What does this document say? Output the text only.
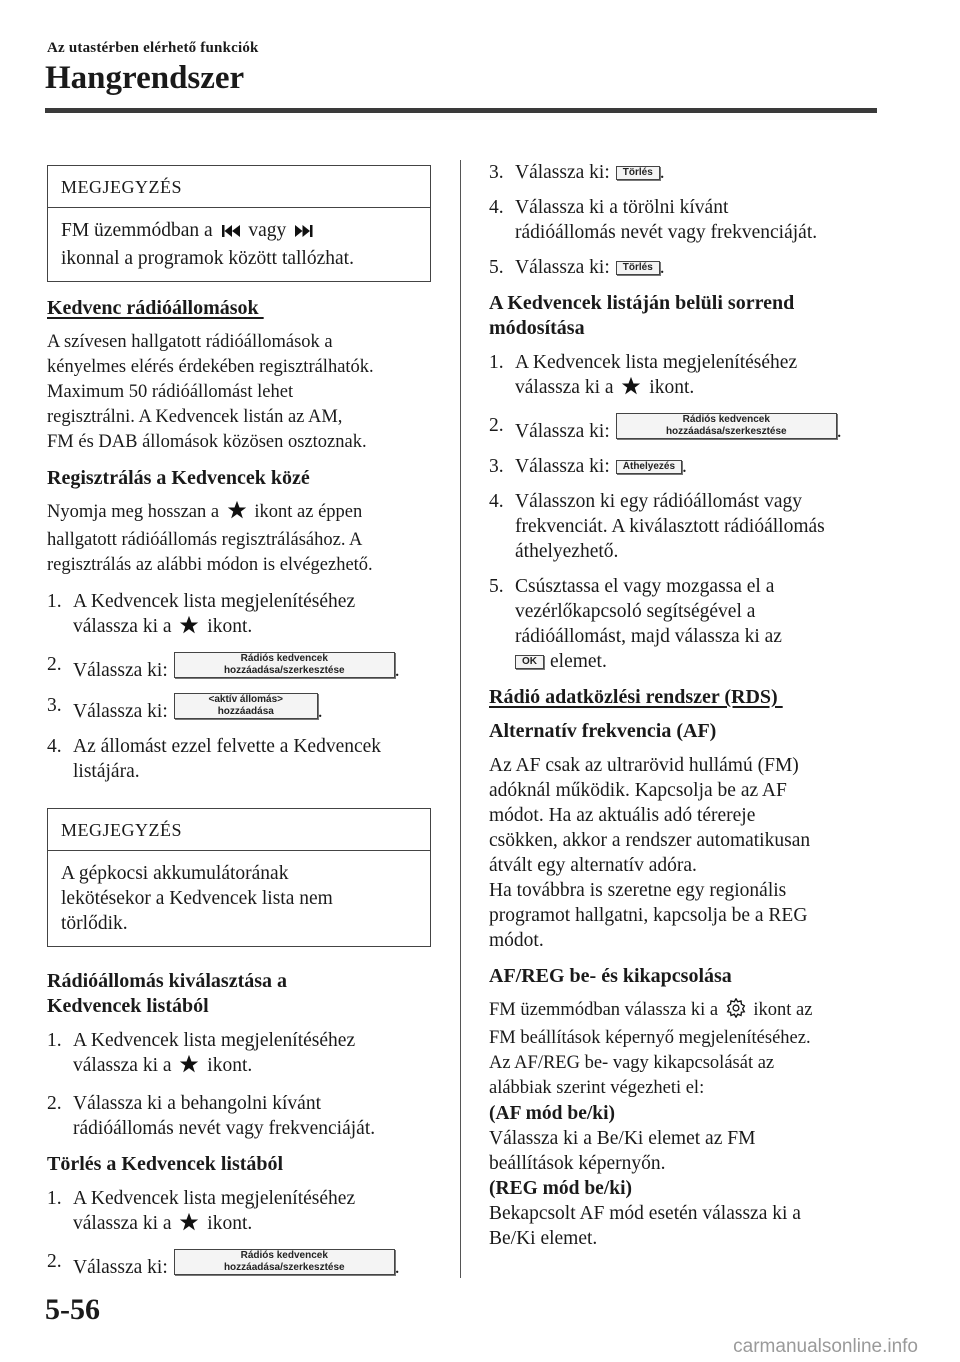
Az utastérben elérhető funkciók
Hangrendszer
MEGJEGYZÉS
FM üzemmódban a vagy
ikonnal a programok között tallózhat.
Kedvenc rádióállomások

A szívesen hallgatott rádióállomások a
kényelmes elérés érdekében regisztrálhatók.
Maximum 50 rádióállomást lehet
regisztrálni. A Kedvencek listán az AM,
FM és DAB állomások közösen osztoznak.

Regisztrálás a Kedvencek közé

Nyomja meg hosszan a ikont az éppen
hallgatott rádióállomás regisztrálásához. A
regisztrálás az alábbi módon is elvégezhető.

1. A Kedvencek lista megjelenítéséhez
válassza ki a ikont.
2. Válassza ki:Rádiós kedvencek hozzáadása/szerkesztése	.
3. Válassza ki:<aktív állomás> hozzáadása .
4. Az állomást ezzel felvette a Kedvencek
listájára.
MEGJEGYZÉS
A gépkocsi akkumulátorának
lekötésekor a Kedvencek lista nem
törlődik.
Rádióállomás kiválasztása a
Kedvencek listából
1. A Kedvencek lista megjelenítéséhez
válassza ki a ikont.
2. Válassza ki a behangolni kívánt
rádióállomás nevét vagy frekvenciáját.
Törlés a Kedvencek listából
1. A Kedvencek lista megjelenítéséhez
válassza ki a ikont.
2. Válassza ki:Rádiós kedvencek hozzáadása/szerkesztése	.
3. Válassza ki: Törlés .
4. Válassza ki a törölni kívánt
rádióállomás nevét vagy frekvenciáját.
5. Válassza ki: Törlés .
A Kedvencek listáján belüli sorrend
módosítása
1. A Kedvencek lista megjelenítéséhez
válassza ki a ikont.
2. Válassza ki:Rádiós kedvencek hozzáadása/szerkesztése	.
3. Válassza ki: Áthelyezés .
4. Válasszon ki egy rádióállomást vagy
frekvenciát. A kiválasztott rádióállomás
áthelyezhető.
5. Csúsztassa el vagy mozgassa el a
vezérlőkapcsoló segítségével a
rádióállomást, majd válassza ki az
OK elemet.
Rádió adatközlési rendszer (RDS)
Alternatív frekvencia (AF)

Az AF csak az ultrarövid hullámú (FM)
adóknál működik. Kapcsolja be az AF
módot. Ha az aktuális adó térereje
csökken, akkor a rendszer automatikusan
átvált egy alternatív adóra.
Ha továbbra is szeretne egy regionális
programot hallgatni, kapcsolja be a REG
módot.

AF/REG be- és kikapcsolása

FM üzemmódban válassza ki a ikont az
FM beállítások képernyő megjelenítéséhez.
Az AF/REG be- vagy kikapcsolását az
alábbiak szerint végezheti el:

(AF mód be/ki)
Válassza ki a Be/Ki elemet az FM
beállítások képernyőn.
(REG mód be/ki)
Bekapcsolt AF mód esetén válassza ki a
Be/Ki elemet.
5-56
carmanualsonline.info
